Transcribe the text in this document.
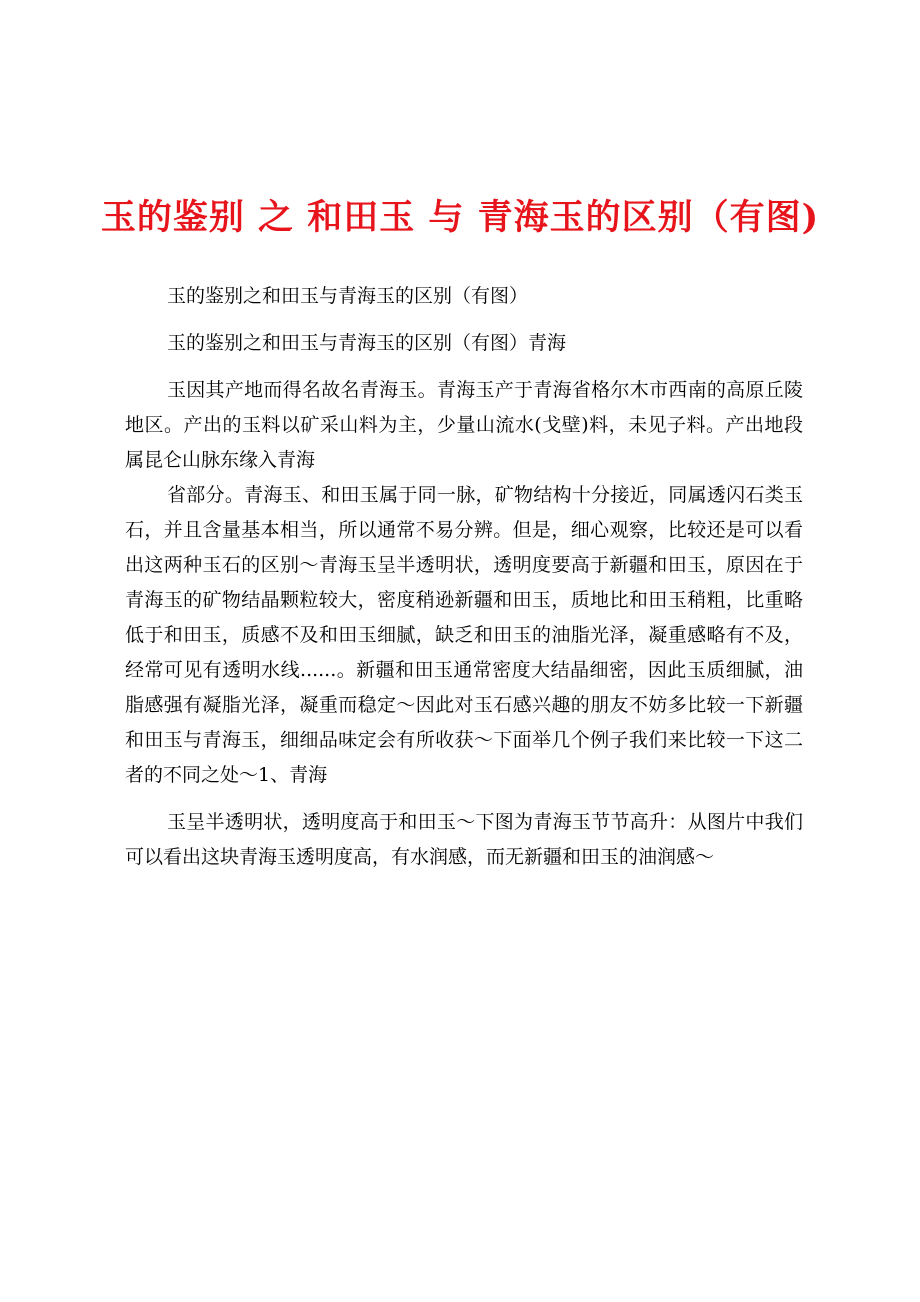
玉的鉴别 之 和田玉 与 青海玉的区别（有图)

玉的鉴别之和田玉与青海玉的区别（有图）

玉的鉴别之和田玉与青海玉的区别（有图）青海

玉因其产地而得名故名青海玉。青海玉产于青海省格尔木市西南的高原丘陵地区。产出的玉料以矿采山料为主，少量山流水(戈壁)料，未见子料。产出地段属昆仑山脉东缘入青海

省部分。青海玉、和田玉属于同一脉，矿物结构十分接近，同属透闪石类玉石，并且含量基本相当，所以通常不易分辨。但是，细心观察，比较还是可以看出这两种玉石的区别～青海玉呈半透明状，透明度要高于新疆和田玉，原因在于青海玉的矿物结晶颗粒较大，密度稍逊新疆和田玉，质地比和田玉稍粗，比重略低于和田玉，质感不及和田玉细腻，缺乏和田玉的油脂光泽，凝重感略有不及，经常可见有透明水线......。新疆和田玉通常密度大结晶细密，因此玉质细腻，油脂感强有凝脂光泽，凝重而稳定～因此对玉石感兴趣的朋友不妨多比较一下新疆和田玉与青海玉，细细品味定会有所收获～下面举几个例子我们来比较一下这二者的不同之处～1、青海

玉呈半透明状，透明度高于和田玉～下图为青海玉节节高升：从图片中我们可以看出这块青海玉透明度高，有水润感，而无新疆和田玉的油润感～
